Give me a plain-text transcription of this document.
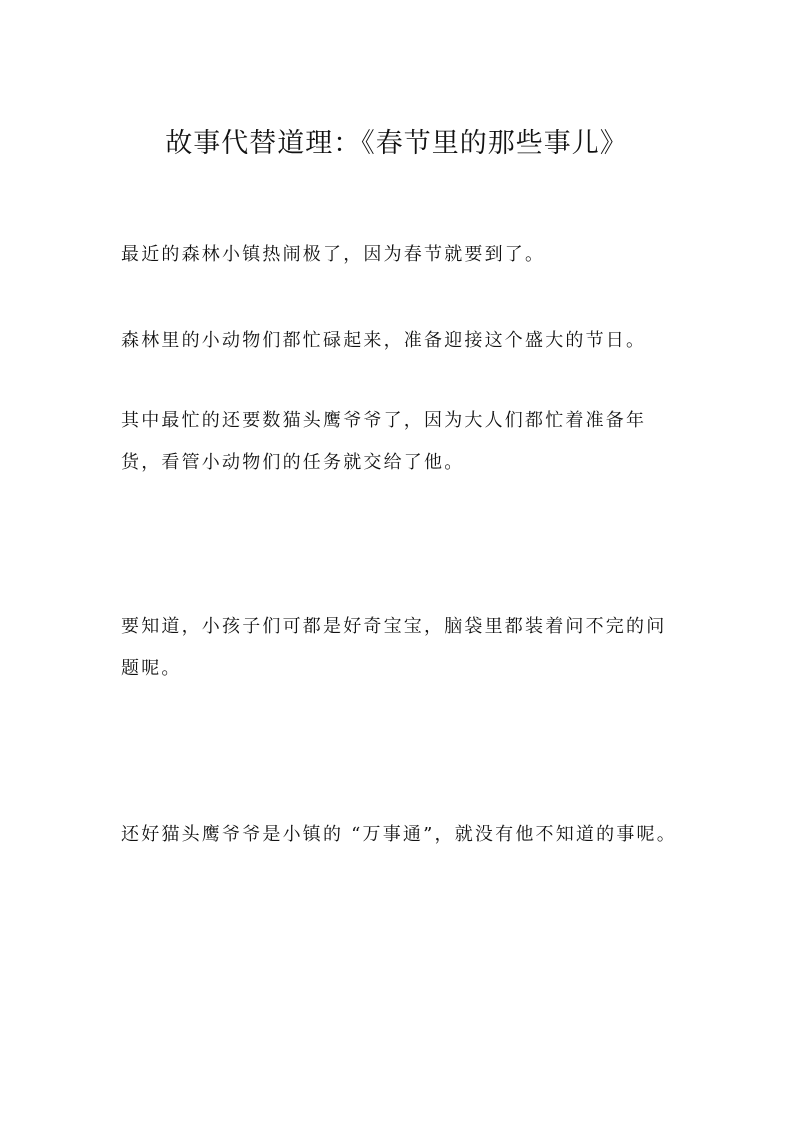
故事代替道理：《春节里的那些事儿》

最近的森林小镇热闹极了，因为春节就要到了。

森林里的小动物们都忙碌起来，准备迎接这个盛大的节日。

其中最忙的还要数猫头鹰爷爷了，因为大人们都忙着准备年货，看管小动物们的任务就交给了他。

要知道，小孩子们可都是好奇宝宝，脑袋里都装着问不完的问题呢。

还好猫头鹰爷爷是小镇的 “万事通”，就没有他不知道的事呢。
